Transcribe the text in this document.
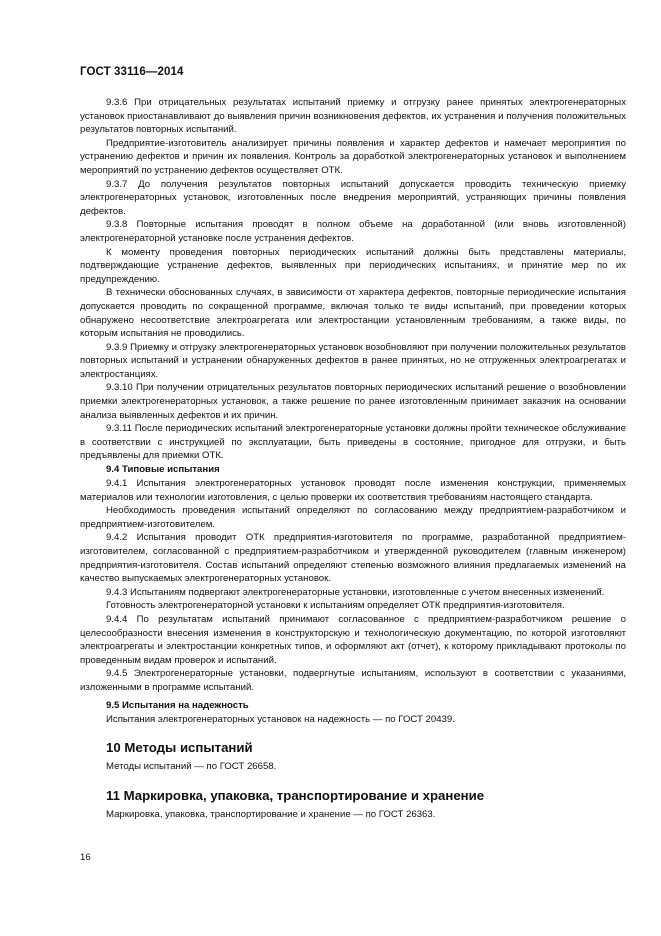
ГОСТ 33116—2014

9.3.6 При отрицательных результатах испытаний приемку и отгрузку ранее принятых электрогенераторных установок приостанавливают до выявления причин возникновения дефектов, их устранения и получения положительных результатов повторных испытаний.

Предприятие-изготовитель анализирует причины появления и характер дефектов и намечает мероприятия по устранению дефектов и причин их появления. Контроль за доработкой электрогенераторных установок и выполнением мероприятий по устранению дефектов осуществляет ОТК.

9.3.7 До получения результатов повторных испытаний допускается проводить техническую приемку электрогенераторных установок, изготовленных после внедрения мероприятий, устраняющих причины появления дефектов.

9.3.8 Повторные испытания проводят в полном объеме на доработанной (или вновь изготовленной) электрогенераторной установке после устранения дефектов.

К моменту проведения повторных периодических испытаний должны быть представлены материалы, подтверждающие устранение дефектов, выявленных при периодических испытаниях, и принятие мер по их предупреждению.

В технически обоснованных случаях, в зависимости от характера дефектов, повторные периодические испытания допускается проводить по сокращенной программе, включая только те виды испытаний, при проведении которых обнаружено несоответствие электроагрегата или электростанции установленным требованиям, а также виды, по которым испытания не проводились.

9.3.9 Приемку и отгрузку электрогенераторных установок возобновляют при получении положительных результатов повторных испытаний и устранении обнаруженных дефектов в ранее принятых, но не отгруженных электроагрегатах и электростанциях.

9.3.10 При получении отрицательных результатов повторных периодических испытаний решение о возобновлении приемки электрогенераторных установок, а также решение по ранее изготовленным принимает заказчик на основании анализа выявленных дефектов и их причин.

9.3.11 После периодических испытаний электрогенераторные установки должны пройти техническое обслуживание в соответствии с инструкцией по эксплуатации, быть приведены в состояние, пригодное для отгрузки, и быть предъявлены для приемки ОТК.

9.4 Типовые испытания

9.4.1 Испытания электрогенераторных установок проводят после изменения конструкции, применяемых материалов или технологии изготовления, с целью проверки их соответствия требованиям настоящего стандарта.

Необходимость проведения испытаний определяют по согласованию между предприятием-разработчиком и предприятием-изготовителем.

9.4.2 Испытания проводит ОТК предприятия-изготовителя по программе, разработанной предприятием-изготовителем, согласованной с предприятием-разработчиком и утвержденной руководителем (главным инженером) предприятия-изготовителя. Состав испытаний определяют степенью возможного влияния предлагаемых изменений на качество выпускаемых электрогенераторных установок.

9.4.3 Испытаниям подвергают электрогенераторные установки, изготовленные с учетом внесенных изменений.

Готовность электрогенераторной установки к испытаниям определяет ОТК предприятия-изготовителя.

9.4.4 По результатам испытаний принимают согласованное с предприятием-разработчиком решение о целесообразности внесения изменения в конструкторскую и технологическую документацию, по которой изготовляют электроагрегаты и электростанции конкретных типов, и оформляют акт (отчет), к которому прикладывают протоколы по проведенным видам проверок и испытаний.

9.4.5 Электрогенераторные установки, подвергнутые испытаниям, используют в соответствии с указаниями, изложенными в программе испытаний.

9.5 Испытания на надежность

Испытания электрогенераторных установок на надежность — по ГОСТ 20439.

10 Методы испытаний

Методы испытаний — по ГОСТ 26658.

11 Маркировка, упаковка, транспортирование и хранение

Маркировка, упаковка, транспортирование и хранение — по ГОСТ 26363.

16
